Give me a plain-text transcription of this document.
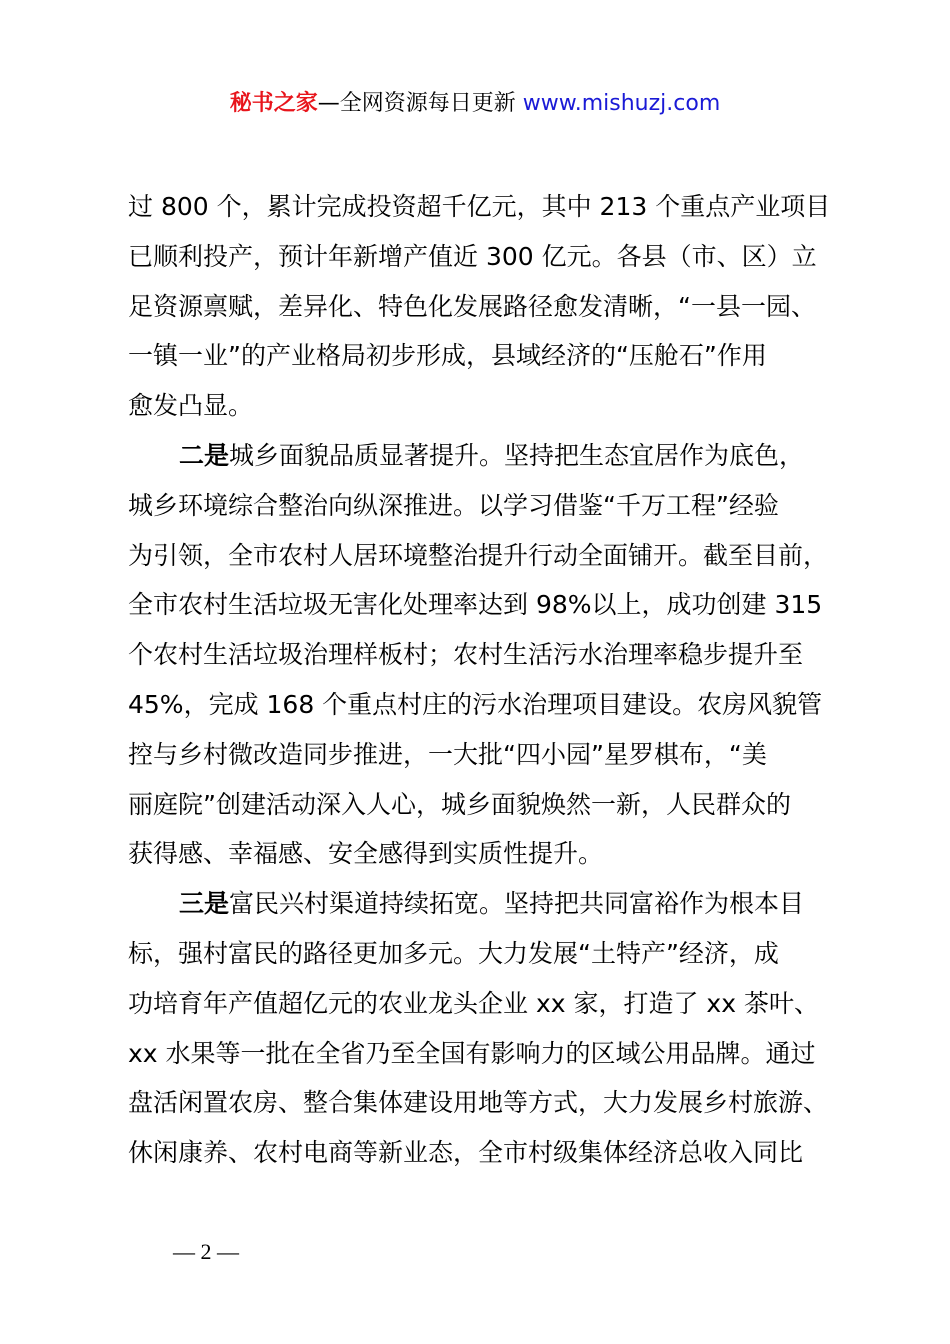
秘书之家—全网资源每日更新 www.mishuzj.com
过 800 个，累计完成投资超千亿元，其中 213 个重点产业项目
已顺利投产，预计年新增产值近 300 亿元。各县（市、区）立
足资源禀赋，差异化、特色化发展路径愈发清晰，“一县一园、
一镇一业”的产业格局初步形成，县域经济的“压舱石”作用
愈发凸显。
二是城乡面貌品质显著提升。坚持把生态宜居作为底色，
城乡环境综合整治向纵深推进。以学习借鉴“千万工程”经验
为引领，全市农村人居环境整治提升行动全面铺开。截至目前，
全市农村生活垃圾无害化处理率达到 98%以上，成功创建 315
个农村生活垃圾治理样板村；农村生活污水治理率稳步提升至
45%，完成 168 个重点村庄的污水治理项目建设。农房风貌管
控与乡村微改造同步推进，一大批“四小园”星罗棋布，“美
丽庭院”创建活动深入人心，城乡面貌焕然一新，人民群众的
获得感、幸福感、安全感得到实质性提升。
三是富民兴村渠道持续拓宽。坚持把共同富裕作为根本目
标，强村富民的路径更加多元。大力发展“土特产”经济，成
功培育年产值超亿元的农业龙头企业 xx 家，打造了 xx 茶叶、
xx 水果等一批在全省乃至全国有影响力的区域公用品牌。通过
盘活闲置农房、整合集体建设用地等方式，大力发展乡村旅游、
休闲康养、农村电商等新业态，全市村级集体经济总收入同比
— 2 —
